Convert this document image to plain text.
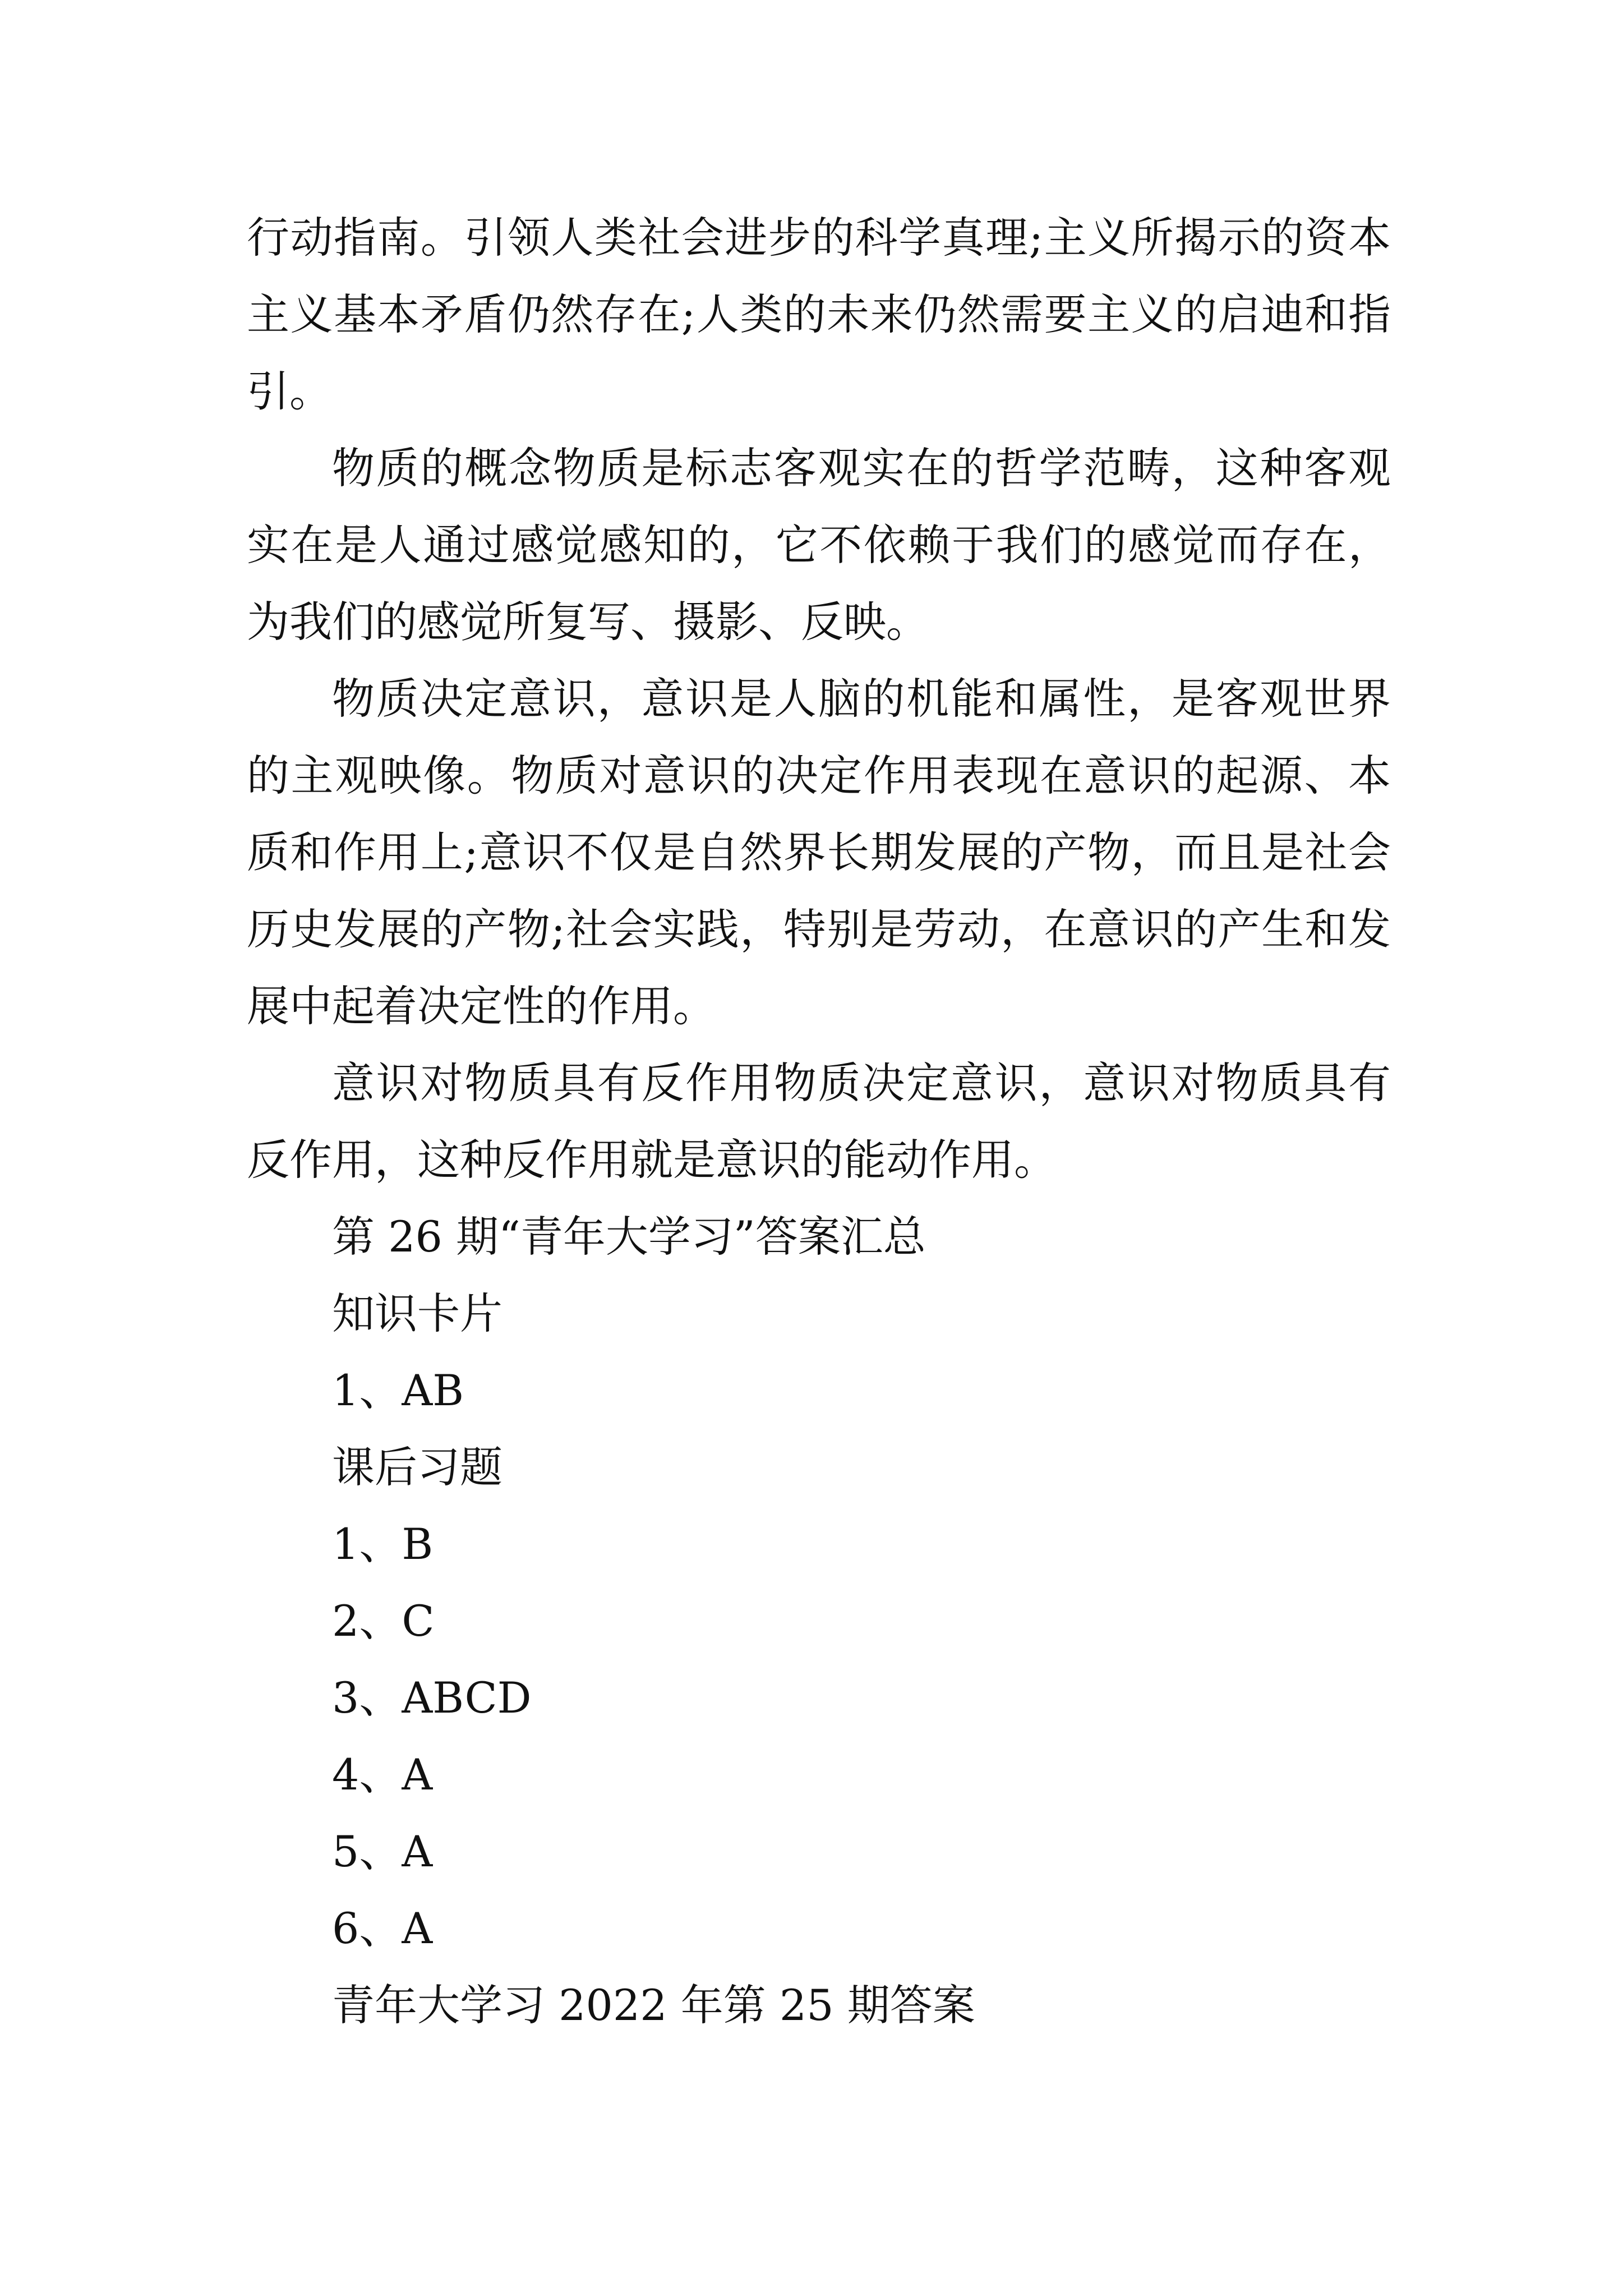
行动指南。引领人类社会进步的科学真理;主义所揭示的资本主义基本矛盾仍然存在;人类的未来仍然需要主义的启迪和指引。

物质的概念物质是标志客观实在的哲学范畴，这种客观实在是人通过感觉感知的，它不依赖于我们的感觉而存在，为我们的感觉所复写、摄影、反映。

物质决定意识，意识是人脑的机能和属性，是客观世界的主观映像。物质对意识的决定作用表现在意识的起源、本质和作用上;意识不仅是自然界长期发展的产物，而且是社会历史发展的产物;社会实践，特别是劳动，在意识的产生和发展中起着决定性的作用。

意识对物质具有反作用物质决定意识，意识对物质具有反作用，这种反作用就是意识的能动作用。

第 26 期“青年大学习”答案汇总

知识卡片

1、AB

课后习题

1、B

2、C

3、ABCD

4、A

5、A

6、A

青年大学习 2022 年第 25 期答案
